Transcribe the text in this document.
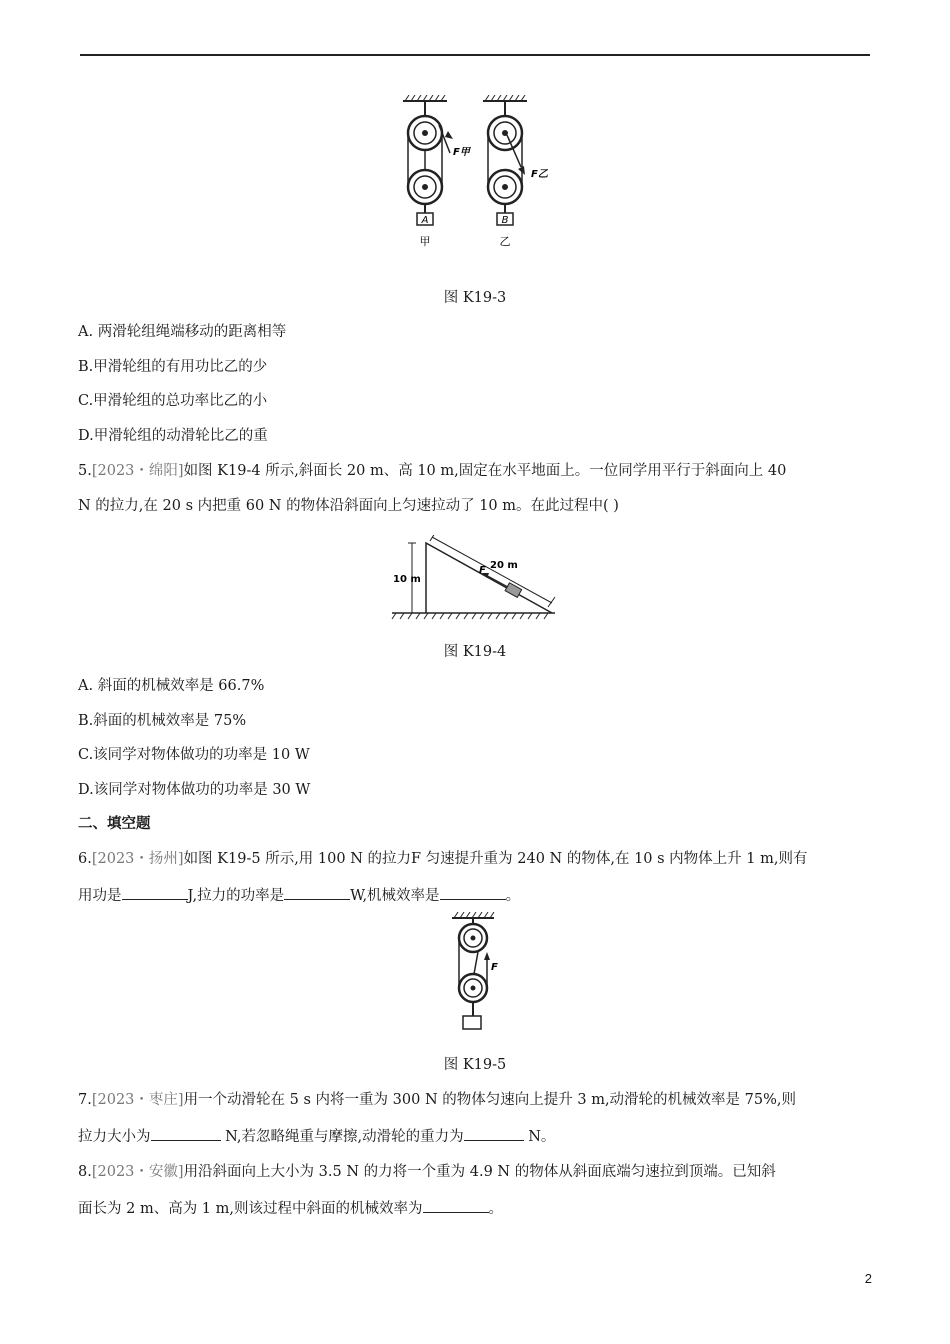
A
F甲
甲
B
F乙
乙
图 K19-3
A. 两滑轮组绳端移动的距离相等
B.甲滑轮组的有用功比乙的少
C.甲滑轮组的总功率比乙的小
D.甲滑轮组的动滑轮比乙的重
5.[2023・绵阳]如图 K19-4 所示,斜面长 20 m、高 10 m,固定在水平地面上。一位同学用平行于斜面向上 40
N 的拉力,在 20 s 内把重 60 N 的物体沿斜面向上匀速拉动了 10 m。在此过程中( )
10 m
20 m
F
图 K19-4
A. 斜面的机械效率是 66.7%
B.斜面的机械效率是 75%
C.该同学对物体做功的功率是 10 W
D.该同学对物体做功的功率是 30 W
二、填空题
6.[2023・扬州]如图 K19-5 所示,用 100 N 的拉力F 匀速提升重为 240 N 的物体,在 10 s 内物体上升 1 m,则有
用功是	J,拉力的功率是	W,机械效率是	。
F
图 K19-5
7.[2023・枣庄]用一个动滑轮在 5 s 内将一重为 300 N 的物体匀速向上提升 3 m,动滑轮的机械效率是 75%,则
拉力大小为	N,若忽略绳重与摩擦,动滑轮的重力为	N。
8.[2023・安徽]用沿斜面向上大小为 3.5 N 的力将一个重为 4.9 N 的物体从斜面底端匀速拉到顶端。已知斜
面长为 2 m、高为 1 m,则该过程中斜面的机械效率为	。
2
